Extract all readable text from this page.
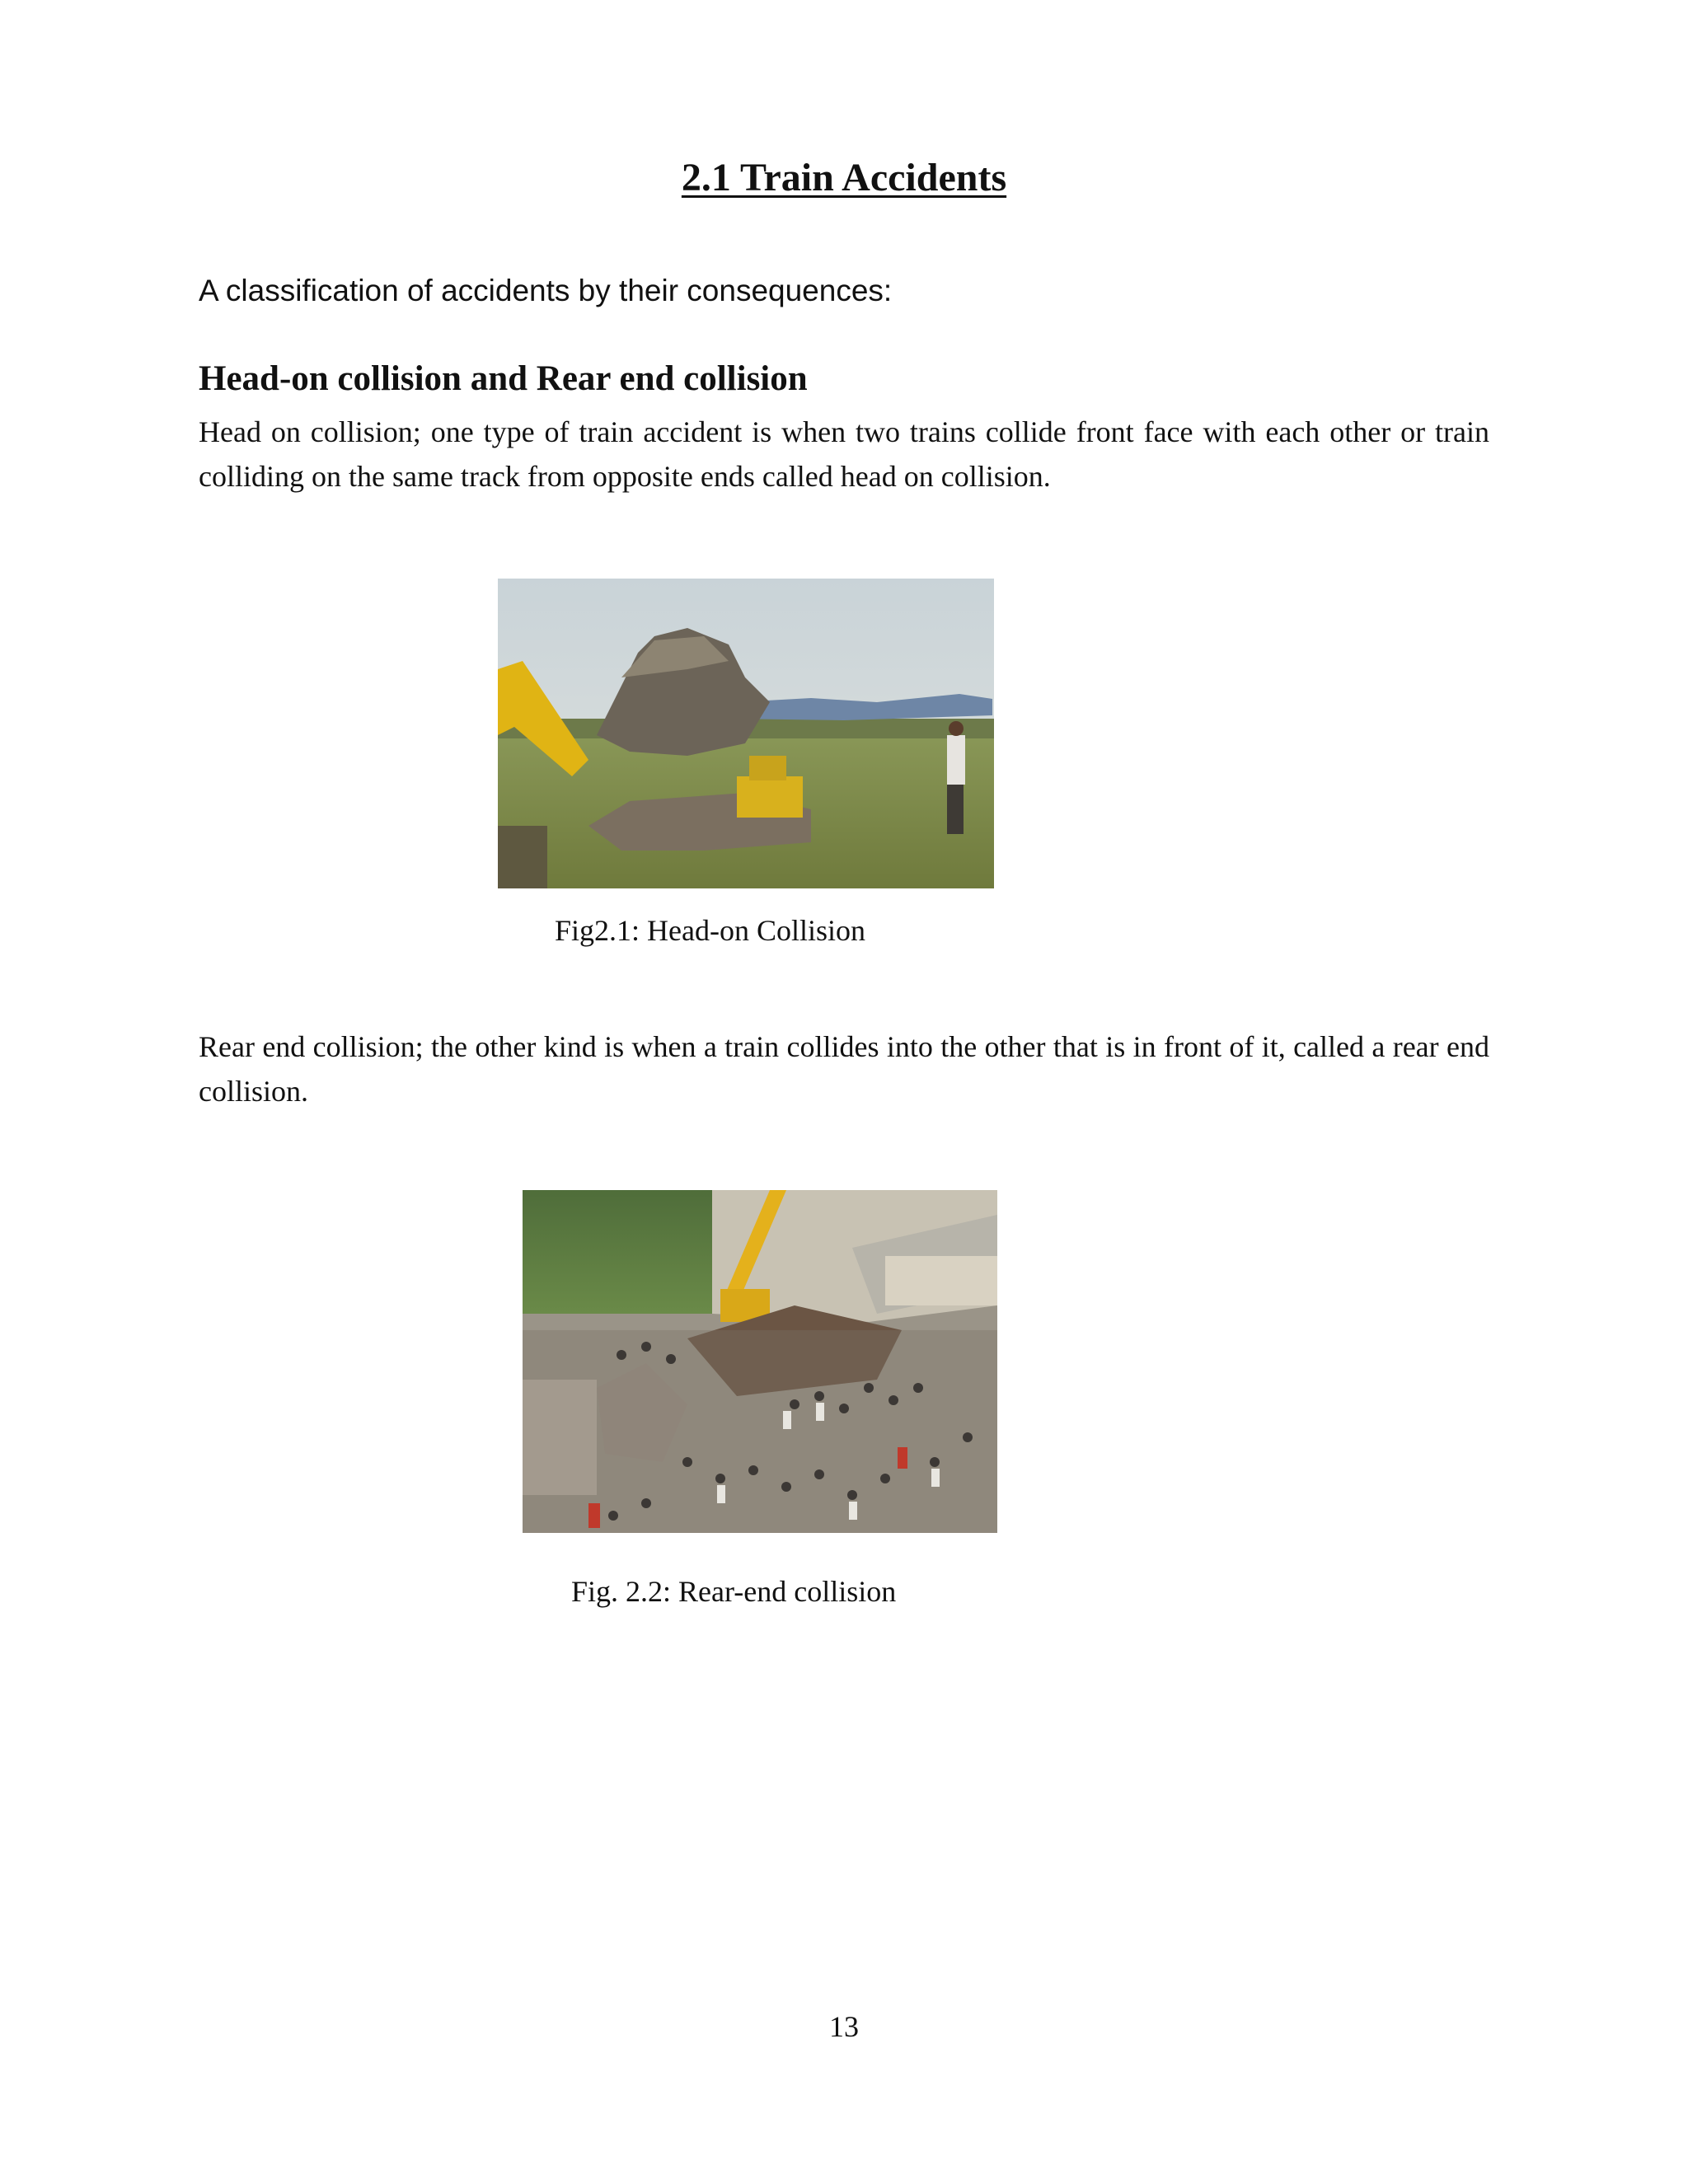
2.1 Train Accidents

A classification of accidents by their consequences:

Head-on collision and Rear end collision

Head on collision; one type of train accident is when two trains collide front face with each other or train colliding on the same track from opposite ends called head on collision.

Fig2.1: Head-on Collision

Rear end collision; the other kind is when a train collides into the other that is in front of it, called a rear end collision.

Fig. 2.2: Rear-end collision

13
